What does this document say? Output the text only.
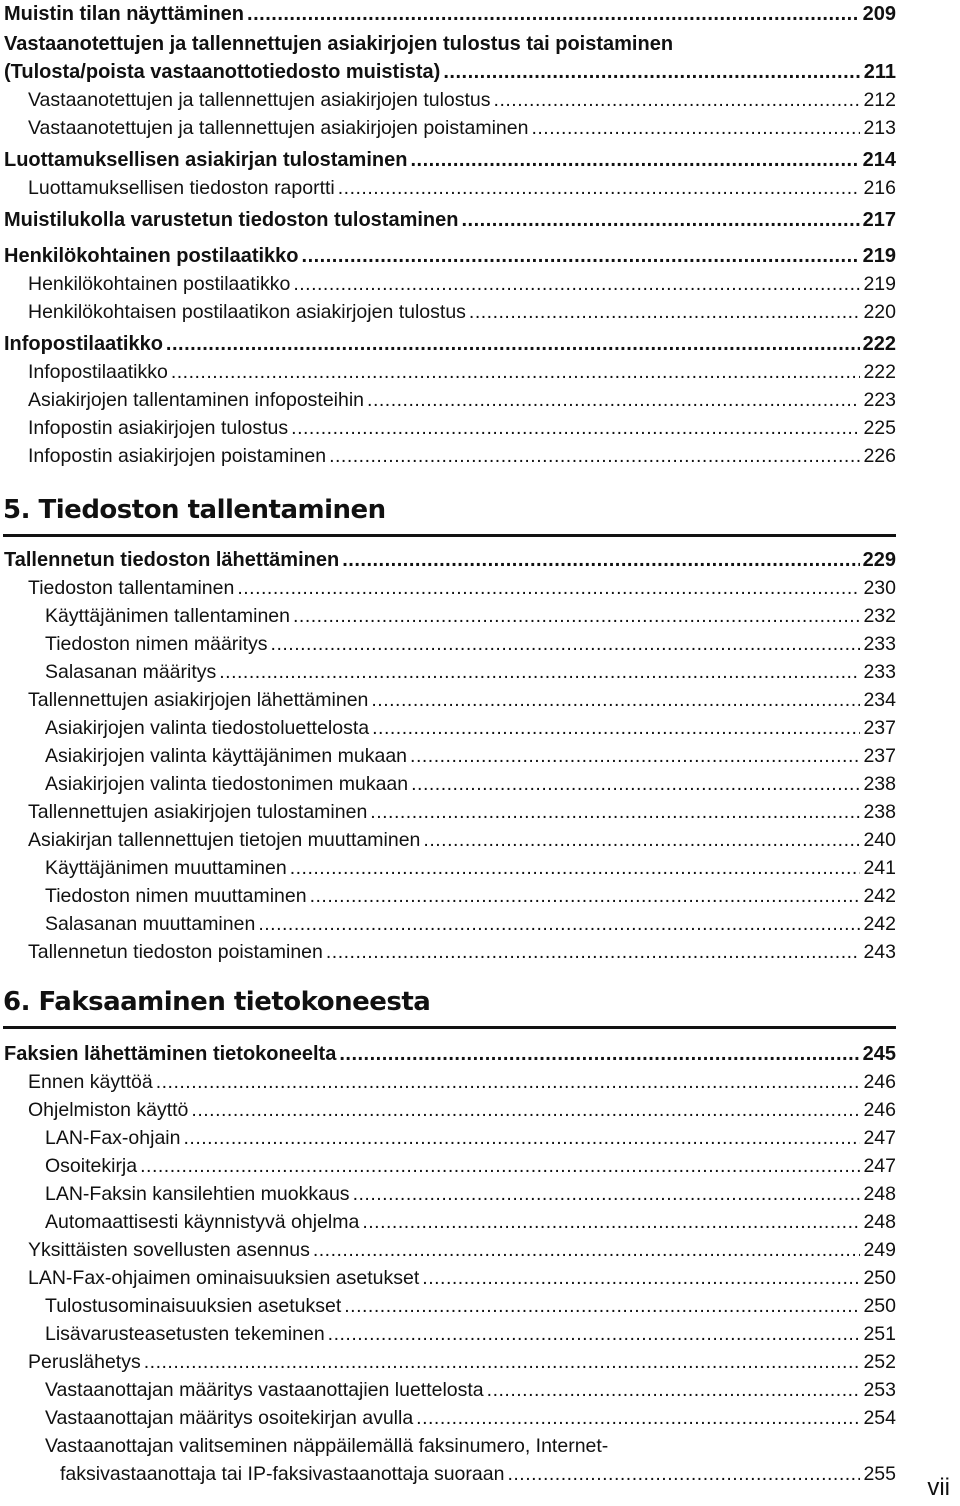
Muistin tilan näyttäminen .....	209
Vastaanotettujen ja tallennettujen asiakirjojen tulostus tai poistaminen
(Tulosta/poista vastaanottotiedosto muistista) .....	211
Vastaanotettujen ja tallennettujen asiakirjojen tulostus .....	212
Vastaanotettujen ja tallennettujen asiakirjojen poistaminen .....	213
Luottamuksellisen asiakirjan tulostaminen .....	214
Luottamuksellisen tiedoston raportti .....	216
Muistilukolla varustetun tiedoston tulostaminen .....	217
Henkilökohtainen postilaatikko .....	219
Henkilökohtainen postilaatikko .....	219
Henkilökohtaisen postilaatikon asiakirjojen tulostus .....	220
Infopostilaatikko .....	222
Infopostilaatikko .....	222
Asiakirjojen tallentaminen infoposteihin .....	223
Infopostin asiakirjojen tulostus .....	225
Infopostin asiakirjojen poistaminen .....	226
Tallennetun tiedoston lähettäminen .....	229
Tiedoston tallentaminen .....	230
Käyttäjänimen tallentaminen .....	232
Tiedoston nimen määritys .....	233
Salasanan määritys .....	233
Tallennettujen asiakirjojen lähettäminen .....	234
Asiakirjojen valinta tiedostoluettelosta .....	237
Asiakirjojen valinta käyttäjänimen mukaan .....	237
Asiakirjojen valinta tiedostonimen mukaan .....	238
Tallennettujen asiakirjojen tulostaminen .....	238
Asiakirjan tallennettujen tietojen muuttaminen .....	240
Käyttäjänimen muuttaminen .....	241
Tiedoston nimen muuttaminen .....	242
Salasanan muuttaminen .....	242
Tallennetun tiedoston poistaminen .....	243
Faksien lähettäminen tietokoneelta .....	245
Ennen käyttöä .....	246
Ohjelmiston käyttö .....	246
LAN-Fax-ohjain .....	247
Osoitekirja .....	247
LAN-Faksin kansilehtien muokkaus .....	248
Automaattisesti käynnistyvä ohjelma .....	248
Yksittäisten sovellusten asennus .....	249
LAN-Fax-ohjaimen ominaisuuksien asetukset .....	250
Tulostusominaisuuksien asetukset .....	250
Lisävarusteasetusten tekeminen .....	251
Peruslähetys .....	252
Vastaanottajan määritys vastaanottajien luettelosta .....	253
Vastaanottajan määritys osoitekirjan avulla .....	254
Vastaanottajan valitseminen näppäilemällä faksinumero, Internet-
faksivastaanottaja tai IP-faksivastaanottaja suoraan .....	255
5. Tiedoston tallentaminen
6. Faksaaminen tietokoneesta
vii
